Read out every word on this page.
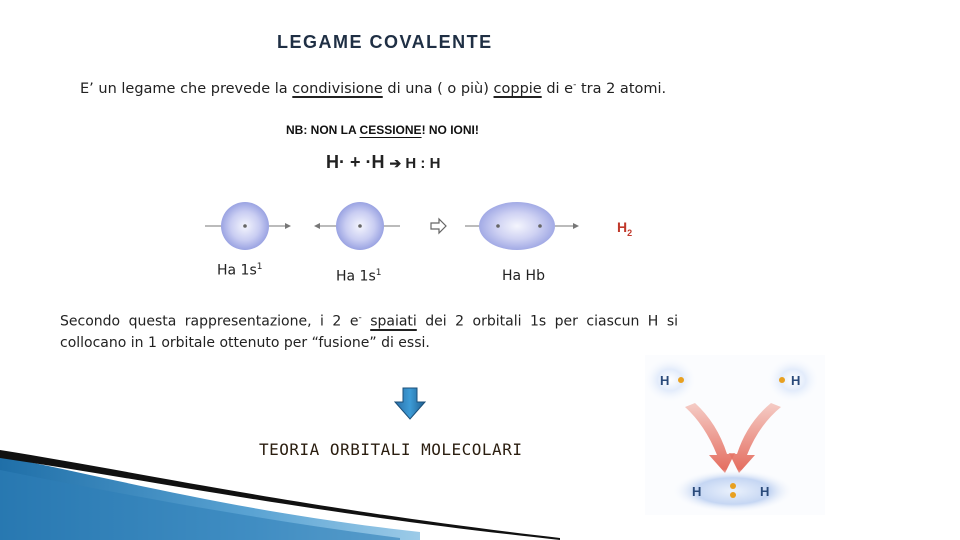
LEGAME COVALENTE
E’ un legame che prevede la condivisione di una ( o più) coppie di e- tra 2 atomi.
NB: NON LA CESSIONE! NO IONI!
H· + ·H ➔ H : H
$H_2$
Ha $1s^1$
Ha $1s^1$	Ha Hb
Secondo questa rappresentazione, i 2 e- spaiati dei 2 orbitali 1s per ciascun H si collocano in 1 orbitale ottenuto per “fusione” di essi.
TEORIA ORBITALI MOLECOLARI
H	H
H	H
